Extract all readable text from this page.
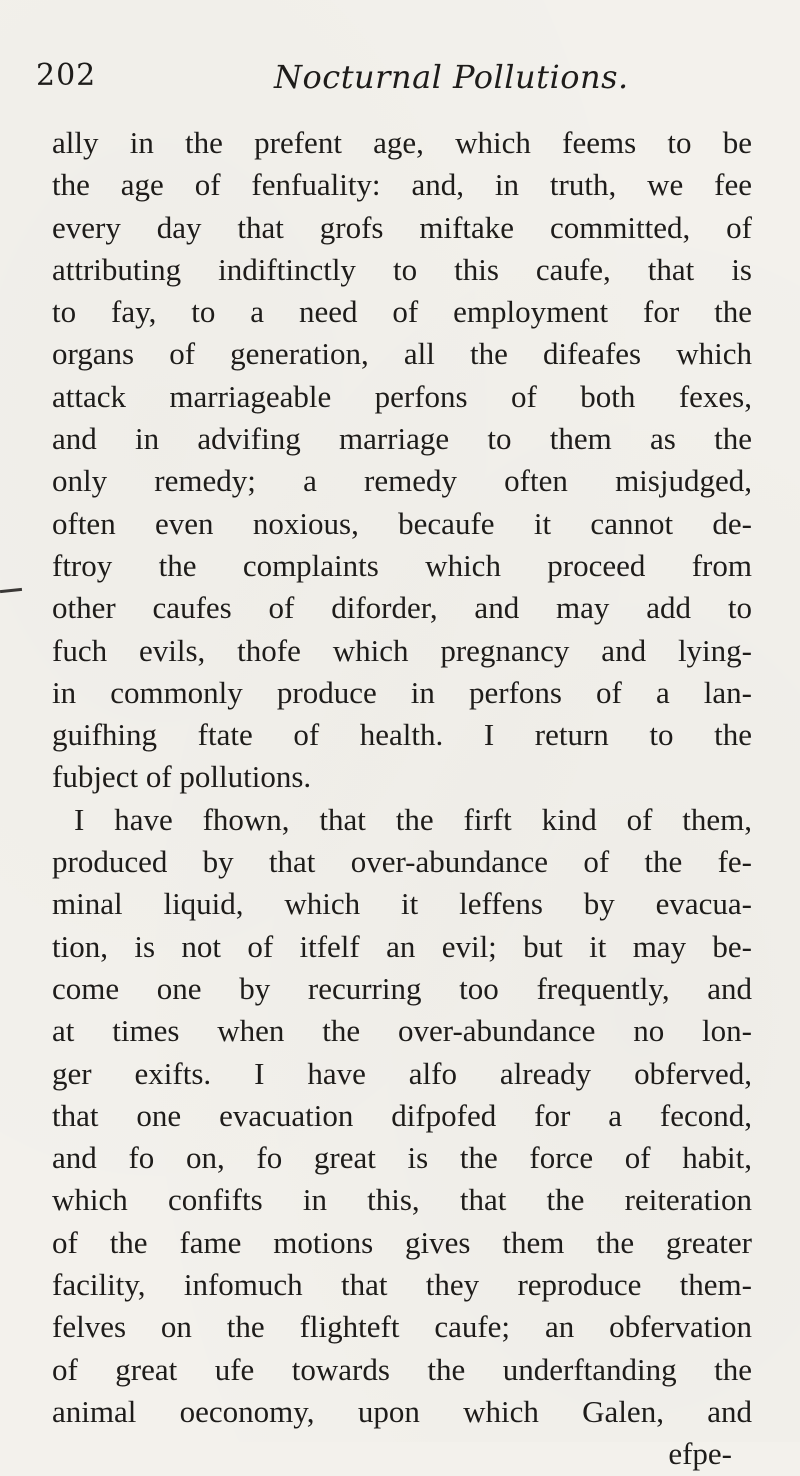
202	Nocturnal Pollutions.
ally in the prefent age, which feems to be
the age of fenfuality: and, in truth, we fee
every day that grofs miftake committed, of
attributing indiftinctly to this caufe, that is
to fay, to a need of employment for the
organs of generation, all the difeafes which
attack marriageable perfons of both fexes,
and in advifing marriage to them as the
only remedy; a remedy often misjudged,
often even noxious, becaufe it cannot de-
ftroy the complaints which proceed from
other caufes of diforder, and may add to
fuch evils, thofe which pregnancy and lying-
in commonly produce in perfons of a lan-
guifhing ftate of health. I return to the
fubject of pollutions.
I have fhown, that the firft kind of them,
produced by that over-abundance of the fe-
minal liquid, which it leffens by evacua-
tion, is not of itfelf an evil; but it may be-
come one by recurring too frequently, and
at times when the over-abundance no lon-
ger exifts. I have alfo already obferved,
that one evacuation difpofed for a fecond,
and fo on, fo great is the force of habit,
which confifts in this, that the reiteration
of the fame motions gives them the greater
facility, infomuch that they reproduce them-
felves on the flighteft caufe; an obfervation
of great ufe towards the underftanding the
animal oeconomy, upon which Galen, and
efpe-
